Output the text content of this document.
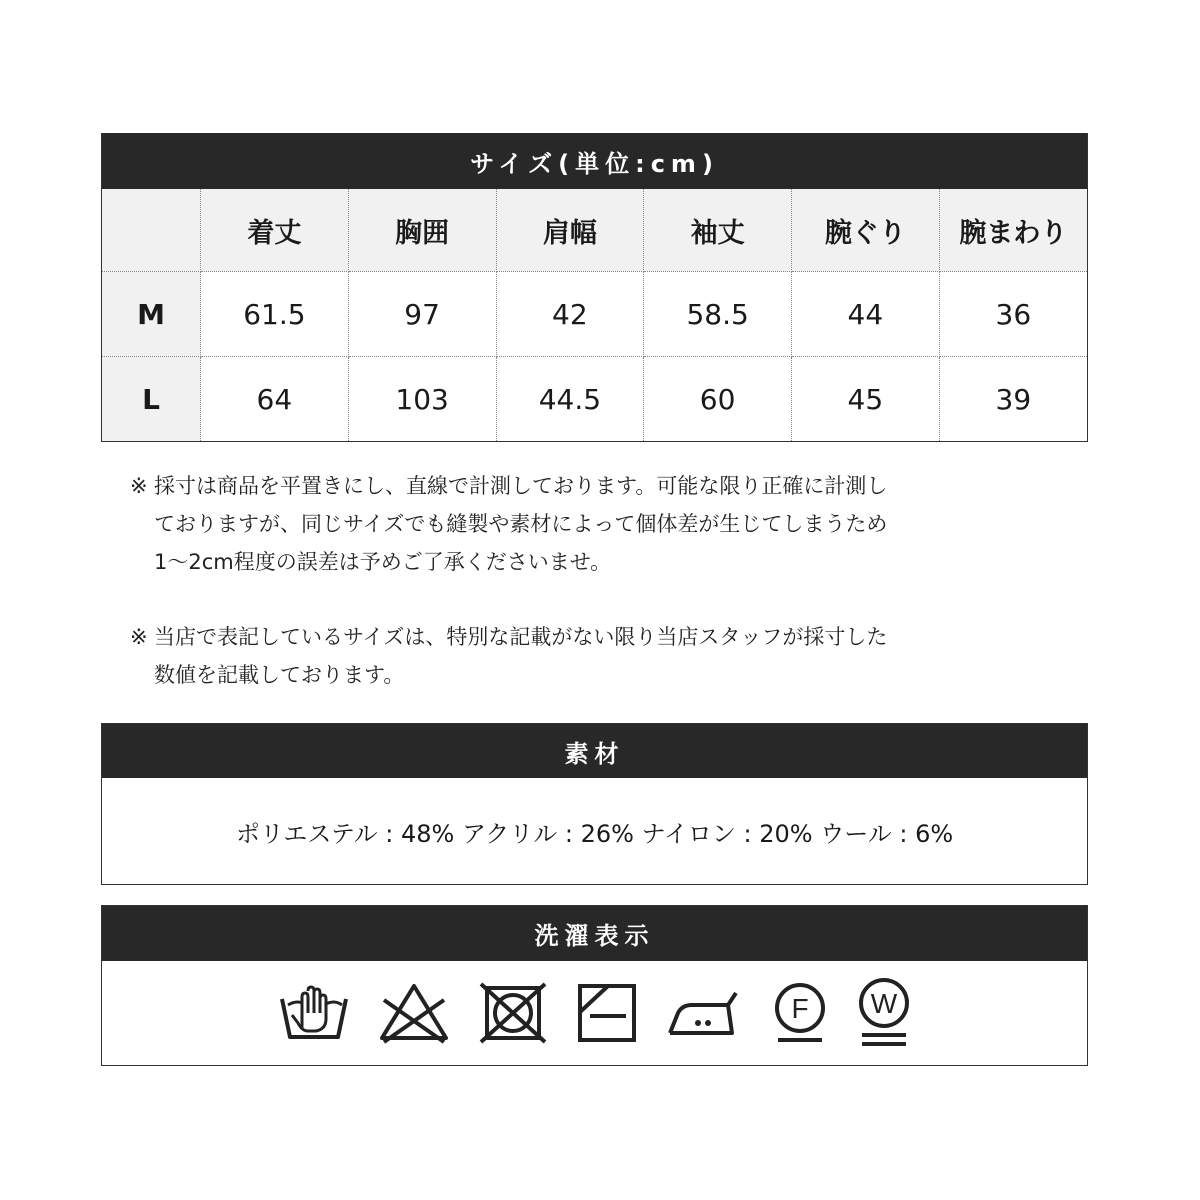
サイズ(単位:cm)
	着丈	胸囲	肩幅	袖丈	腕ぐり	腕まわり
M	61.5	97	42	58.5	44	36
L	64	103	44.5	60	45	39
※ 採寸は商品を平置きにし、直線で計測しております。可能な限り正確に計測し
ておりますが、同じサイズでも縫製や素材によって個体差が生じてしまうため
1〜2cm程度の誤差は予めご了承くださいませ。
※ 当店で表記しているサイズは、特別な記載がない限り当店スタッフが採寸した
数値を記載しております。
素材
ポリエステル : 48% アクリル : 26% ナイロン : 20% ウール : 6%
洗濯表示
F W
